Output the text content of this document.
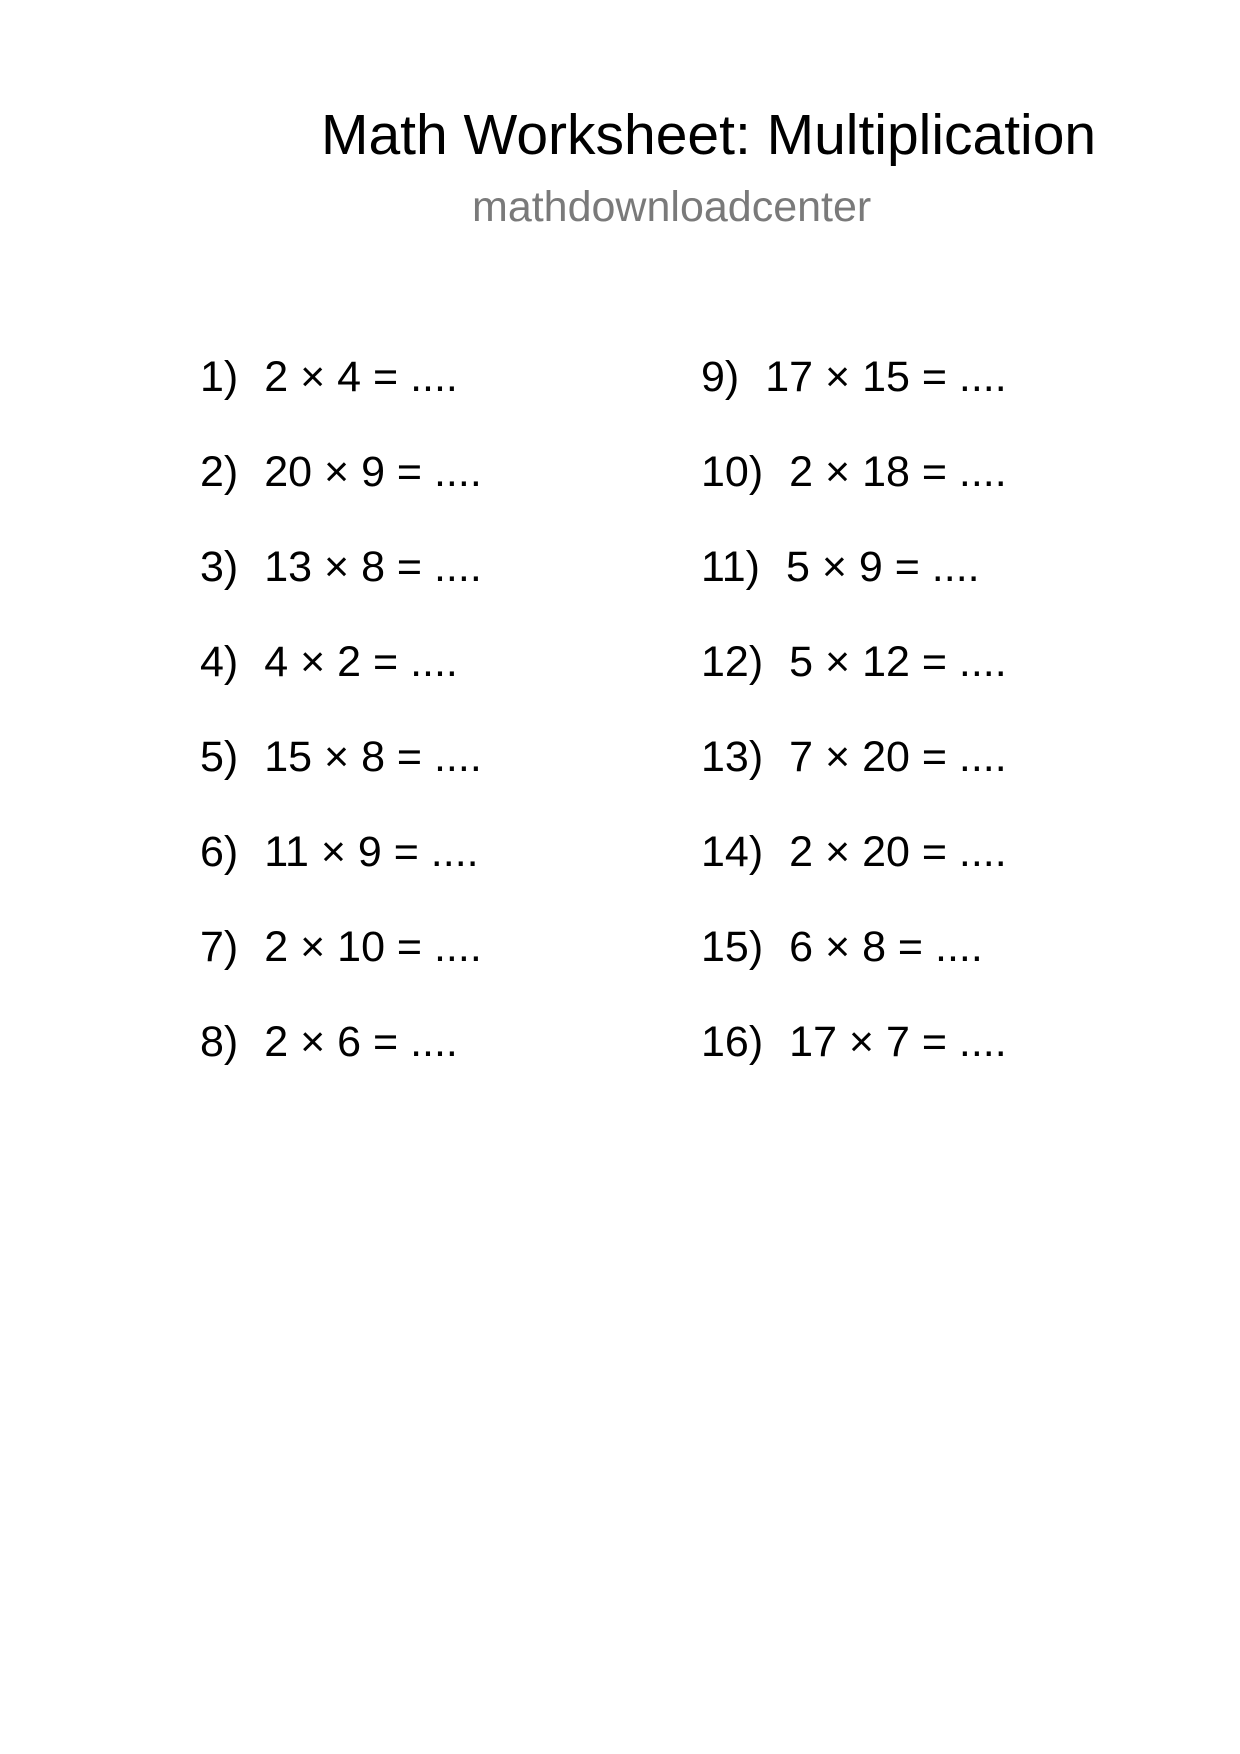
Math Worksheet: Multiplication
mathdownloadcenter
1) 2 × 4 = ....
2) 20 × 9 = ....
3) 13 × 8 = ....
4) 4 × 2 = ....
5) 15 × 8 = ....
6) 11 × 9 = ....
7) 2 × 10 = ....
8) 2 × 6 = ....
9) 17 × 15 = ....
10) 2 × 18 = ....
11) 5 × 9 = ....
12) 5 × 12 = ....
13) 7 × 20 = ....
14) 2 × 20 = ....
15) 6 × 8 = ....
16) 17 × 7 = ....
